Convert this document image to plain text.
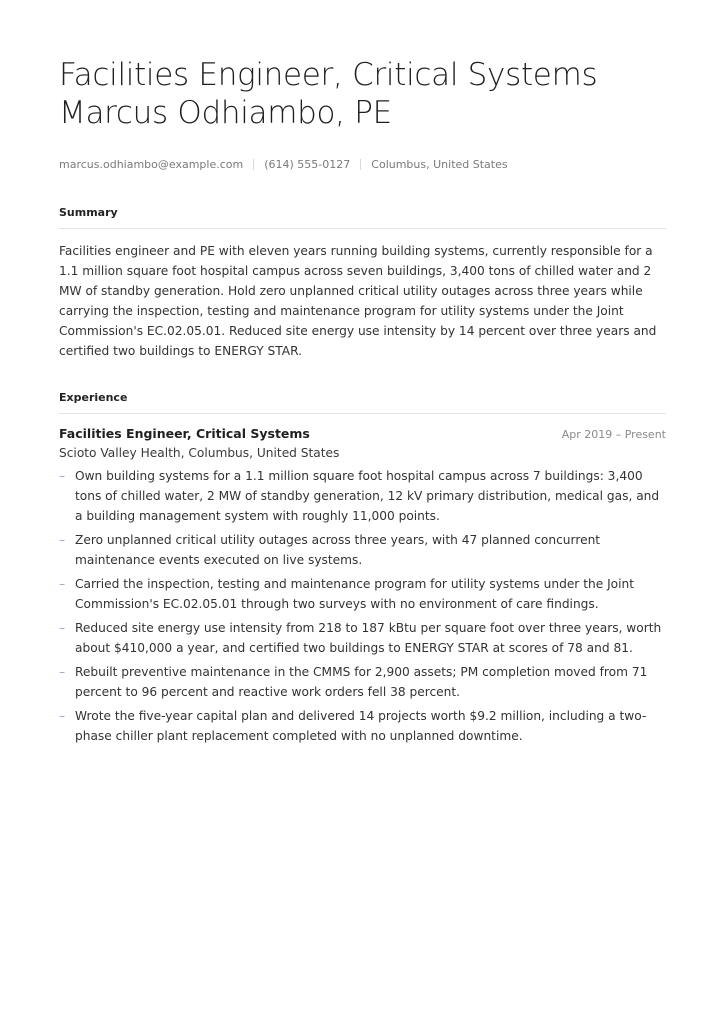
Facilities Engineer, Critical Systems
Marcus Odhiambo, PE
marcus.odhiambo@example.com (614) 555-0127 Columbus, United States
Summary

Facilities engineer and PE with eleven years running building systems, currently responsible for a 1.1 million square foot hospital campus across seven buildings, 3,400 tons of chilled water and 2 MW of standby generation. Hold zero unplanned critical utility outages across three years while carrying the inspection, testing and maintenance program for utility systems under the Joint Commission's EC.02.05.01. Reduced site energy use intensity by 14 percent over three years and certified two buildings to ENERGY STAR.

Experience
Facilities Engineer, Critical Systems	Apr 2019 – Present
Scioto Valley Health, Columbus, United States
– Own building systems for a 1.1 million square foot hospital campus across 7 buildings: 3,400 tons of chilled water, 2 MW of standby generation, 12 kV primary distribution, medical gas, and a building management system with roughly 11,000 points.
– Zero unplanned critical utility outages across three years, with 47 planned concurrent maintenance events executed on live systems.
– Carried the inspection, testing and maintenance program for utility systems under the Joint Commission's EC.02.05.01 through two surveys with no environment of care findings.
– Reduced site energy use intensity from 218 to 187 kBtu per square foot over three years, worth about $410,000 a year, and certified two buildings to ENERGY STAR at scores of 78 and 81.
– Rebuilt preventive maintenance in the CMMS for 2,900 assets; PM completion moved from 71 percent to 96 percent and reactive work orders fell 38 percent.
– Wrote the five-year capital plan and delivered 14 projects worth $9.2 million, including a two-phase chiller plant replacement completed with no unplanned downtime.
